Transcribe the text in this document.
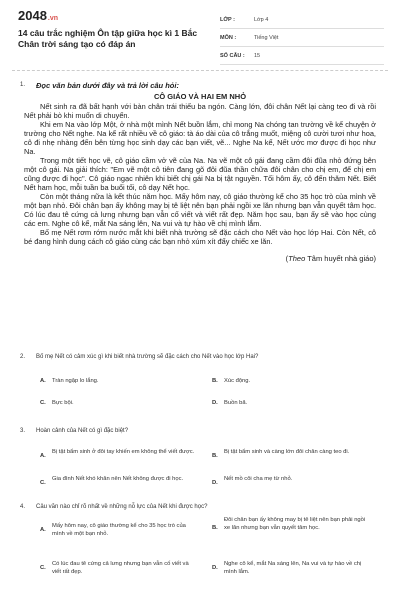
2048.vn
14 câu trắc nghiệm Ôn tập giữa học kì 1 Bắc Chân trời sáng tạo có đáp án
LỚP :	Lớp 4
MÔN :	Tiếng Việt
SỐ CÂU :	15
1. Đọc văn bản dưới đây và trả lời câu hỏi:
CÔ GIÁO VÀ HAI EM NHỎ

Nết sinh ra đã bất hạnh với bàn chân trái thiếu ba ngón. Càng lớn, đôi chân Nết lại càng teo đi và rồi Nết phải bò khi muốn di chuyển.

Khi em Na vào lớp Một, ở nhà một mình Nết buồn lắm, chỉ mong Na chóng tan trường về kể chuyện ở trường cho Nết nghe. Na kể rất nhiều về cô giáo: tà áo dài của cô trắng muốt, miệng cô cười tươi như hoa, cô đi nhẹ nhàng đến bên từng học sinh dạy các bạn viết, vẽ... Nghe Na kể, Nết ước mơ được đi học như Na.

Trong một tiết học vẽ, cô giáo cầm vở vẽ của Na. Na vẽ một cô gái đang cầm đôi đũa nhỏ đứng bên một cô gái. Na giải thích: "Em vẽ một cô tiên đang gõ đôi đũa thần chữa đôi chân cho chị em, để chị em cũng được đi học". Cô giáo ngạc nhiên khi biết chị gái Na bị tật nguyền. Tối hôm ấy, cô đến thăm Nết. Biết Nết ham học, mỗi tuần ba buổi tối, cô dạy Nết học.

Còn một tháng nữa là kết thúc năm học. Mấy hôm nay, cô giáo thường kể cho 35 học trò của mình về một bạn nhỏ. Đôi chân bạn ấy không may bị tê liệt nên bạn phải ngồi xe lăn nhưng bạn vẫn quyết tâm học. Có lúc đau tê cứng cả lưng nhưng bạn vẫn cố viết và viết rất đẹp. Năm học sau, bạn ấy sẽ vào học cùng các em. Nghe cô kể, mắt Na sáng lên, Na vui và tự hào về chị mình lắm.

Bố mẹ Nết rơm rớm nước mắt khi biết nhà trường sẽ đặc cách cho Nết vào học lớp Hai. Còn Nết, cô bé đang hình dung cách cô giáo cùng các bạn nhỏ xúm xít đẩy chiếc xe lăn.

(Theo Tâm huyết nhà giáo)
2.	Bố mẹ Nết có cảm xúc gì khi biết nhà trường sẽ đặc cách cho Nết vào học lớp Hai?
A. Tràn ngập lo lắng.	B. Xúc động.
C. Bực bội.	D. Buồn bã.
3.	Hoàn cảnh của Nết có gì đặc biệt?
A.
Bị tật bẩm sinh ở đôi tay khiến em không thể viết được.
B.
Bị tật bẩm sinh và càng lớn đôi chân càng teo đi.
C.
Gia đình Nết khó khăn nên Nết không được đi học.
D.
Nết mồ côi cha mẹ từ nhỏ.
4.	Câu văn nào chỉ rõ nhất về những nỗ lực của Nết khi được học?
A.
Mấy hôm nay, cô giáo thường kể cho 35 học trò của mình về một bạn nhỏ.
B.
Đôi chân bạn ấy không may bị tê liệt nên bạn phải ngồi xe lăn nhưng bạn vẫn quyết tâm học.
C.
Có lúc đau tê cứng cả lưng nhưng bạn vẫn cố viết và viết rất đẹp.
D.
Nghe cô kể, mắt Na sáng lên, Na vui và tự hào về chị mình lắm.
